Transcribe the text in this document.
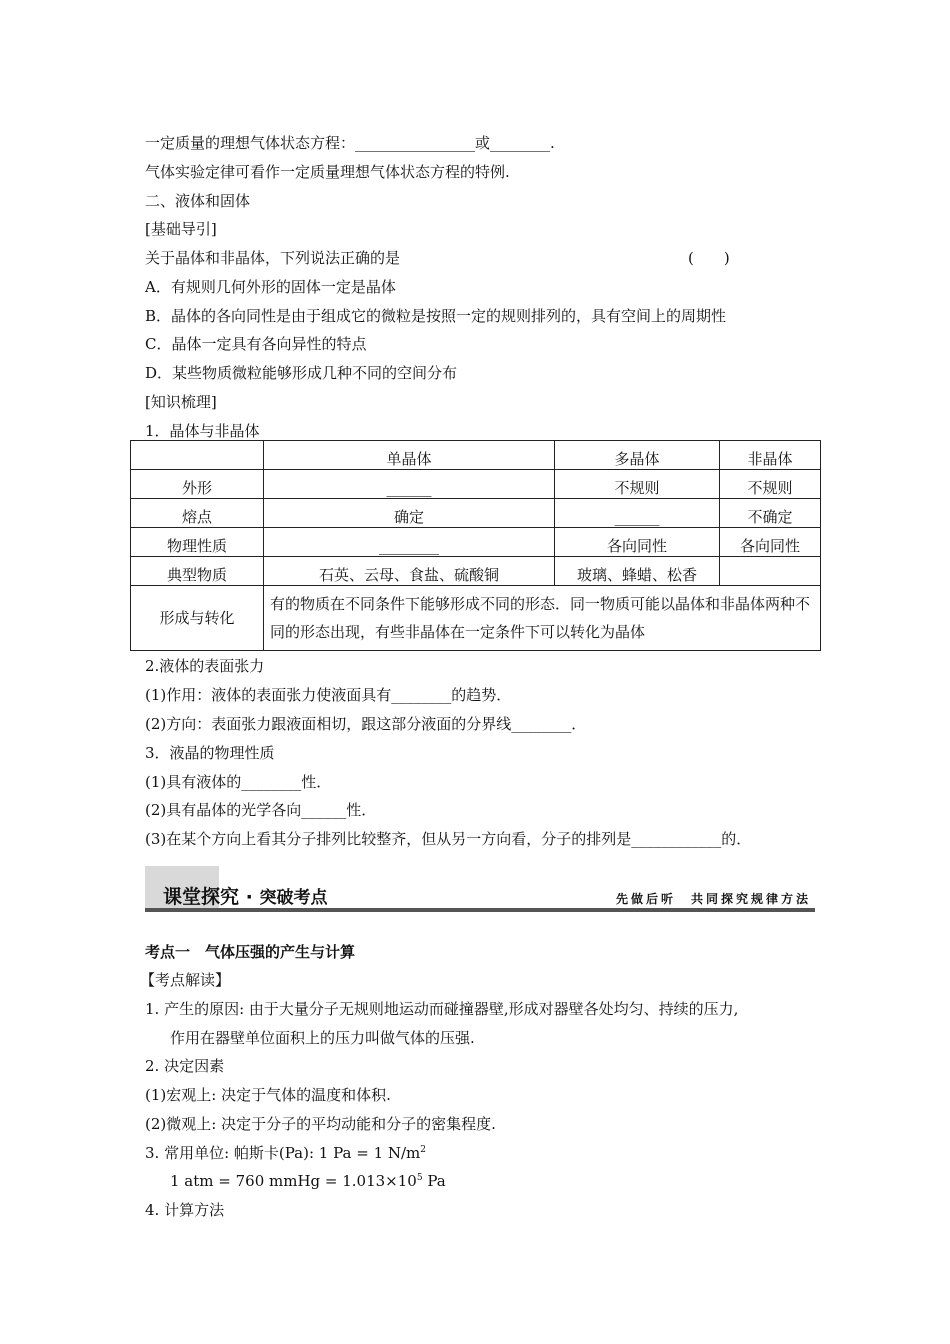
一定质量的理想气体状态方程：________________或________.
气体实验定律可看作一定质量理想气体状态方程的特例.
二、液体和固体
[基础导引]
关于晶体和非晶体，下列说法正确的是	(　　)
A．有规则几何外形的固体一定是晶体
B．晶体的各向同性是由于组成它的微粒是按照一定的规则排列的，具有空间上的周期性
C．晶体一定具有各向异性的特点
D．某些物质微粒能够形成几种不同的空间分布
[知识梳理]
1．晶体与非晶体
	单晶体	多晶体	非晶体
外形	______	不规则	不规则
熔点	确定	______	不确定
物理性质	________	各向同性	各向同性
典型物质	石英、云母、食盐、硫酸铜	玻璃、蜂蜡、松香	
形成与转化	有的物质在不同条件下能够形成不同的形态．同一物质可能以晶体和非晶体两种不同的形态出现，有些非晶体在一定条件下可以转化为晶体		
2.液体的表面张力
(1)作用：液体的表面张力使液面具有________的趋势．
(2)方向：表面张力跟液面相切，跟这部分液面的分界线________．
3．液晶的物理性质
(1)具有液体的________性．
(2)具有晶体的光学各向______性．
(3)在某个方向上看其分子排列比较整齐，但从另一方向看，分子的排列是____________的．
课堂探究 · 突破考点	先做后听　共同探究规律方法
考点一　气体压强的产生与计算
【考点解读】
1. 产生的原因: 由于大量分子无规则地运动而碰撞器壁,形成对器壁各处均匀、持续的压力,
作用在器壁单位面积上的压力叫做气体的压强.
2. 决定因素
(1)宏观上: 决定于气体的温度和体积.
(2)微观上: 决定于分子的平均动能和分子的密集程度.
3. 常用单位: 帕斯卡(Pa): 1 Pa = 1 $N/m^2$
1 atm = 760 mmHg = $1.013\times 10^5$ Pa
4. 计算方法
